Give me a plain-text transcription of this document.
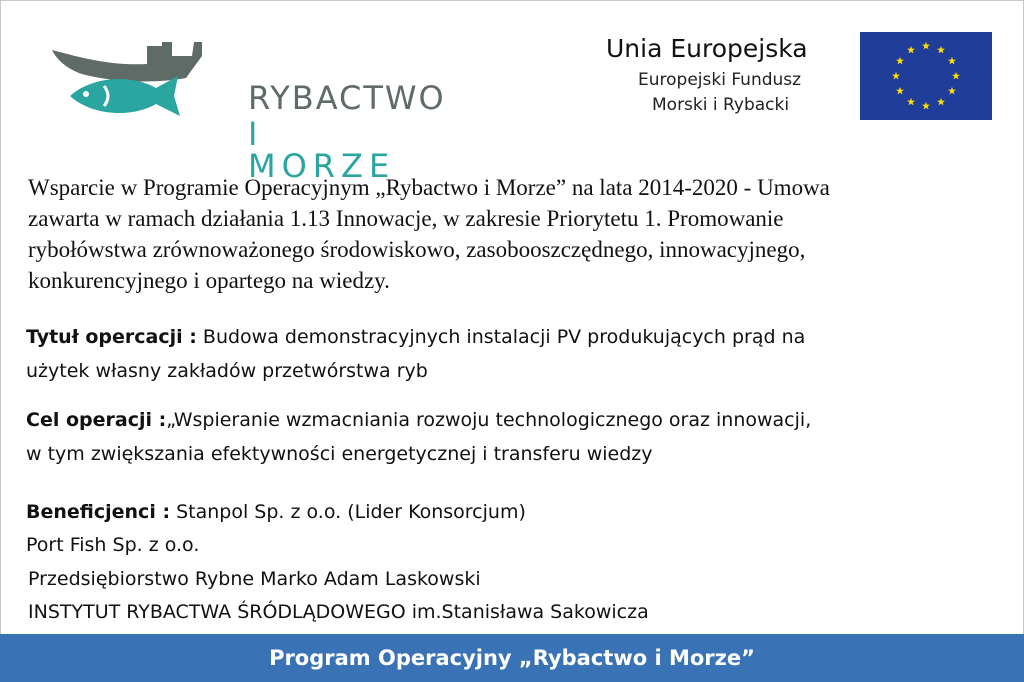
RYBACTWO
I MORZE
Unia Europejska
Europejski Fundusz
Morski i Rybacki
Wsparcie w Programie Operacyjnym „Rybactwo i Morze” na lata 2014-2020 - Umowa
zawarta w ramach działania 1.13 Innowacje, w zakresie Priorytetu 1. Promowanie
rybołówstwa zrównoważonego środowiskowo, zasobooszczędnego, innowacyjnego,
konkurencyjnego i opartego na wiedzy.
Tytuł opercacji : Budowa demonstracyjnych instalacji PV produkujących prąd na
użytek własny zakładów przetwórstwa ryb
Cel operacji :„Wspieranie wzmacniania rozwoju technologicznego oraz innowacji,
w tym zwiększania efektywności energetycznej i transferu wiedzy
Beneficjenci : Stanpol Sp. z o.o. (Lider Konsorcjum)
Port Fish Sp. z o.o.
Przedsiębiorstwo Rybne Marko Adam Laskowski
INSTYTUT RYBACTWA ŚRÓDLĄDOWEGO im.Stanisława Sakowicza
Program Operacyjny „Rybactwo i Morze”
